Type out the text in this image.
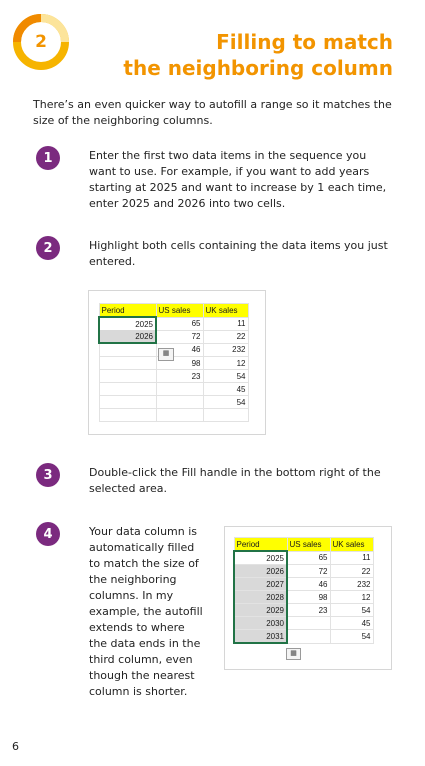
2	Filling to match
the neighboring column
There’s an even quicker way to autofill a range so it matches the size of the neighboring columns.
1	Enter the first two data items in the sequence you want to use. For example, if you want to add years starting at 2025 and want to increase by 1 each time, enter 2025 and 2026 into two cells.
2	Highlight both cells containing the data items you just entered.
Period	US sales	UK sales
2025	65	11
2026	72	22
	46	232
	98	12
	23	54
		45
		54

▦
3	Double-click the Fill handle in the bottom right of the selected area.
4	Your data column is automatically filled to match the size of the neighboring columns. In my example, the autofill extends to where the data ends in the third column, even though the nearest column is shorter.
Period	US sales	UK sales
2025	65	11
2026	72	22
2027	46	232
2028	98	12
2029	23	54
2030		45
2031		54
▦
6
